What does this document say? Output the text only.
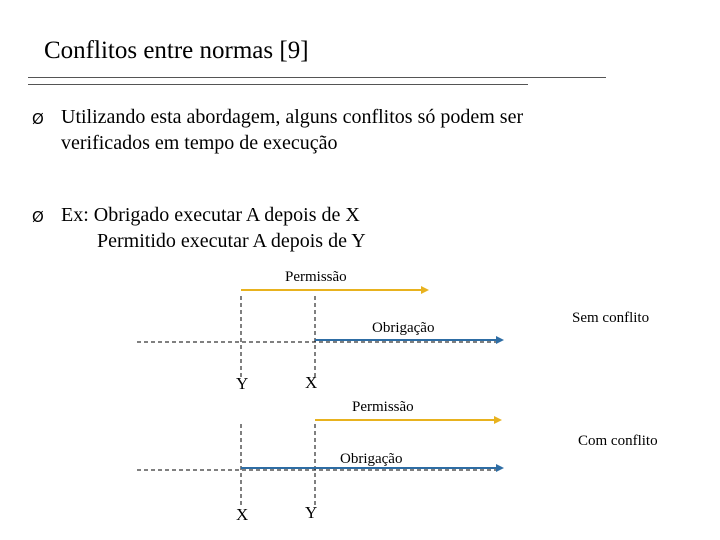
Conflitos entre normas [9]
Ø Utilizando esta abordagem, alguns conflitos só podem ser
verificados em tempo de execução
Ø Ex: Obrigado executar A depois de X
Permitido executar A depois de Y
Permissão
Obrigação
Sem conflito
Y	X
Permissão
Obrigação
Com conflito
X	Y
